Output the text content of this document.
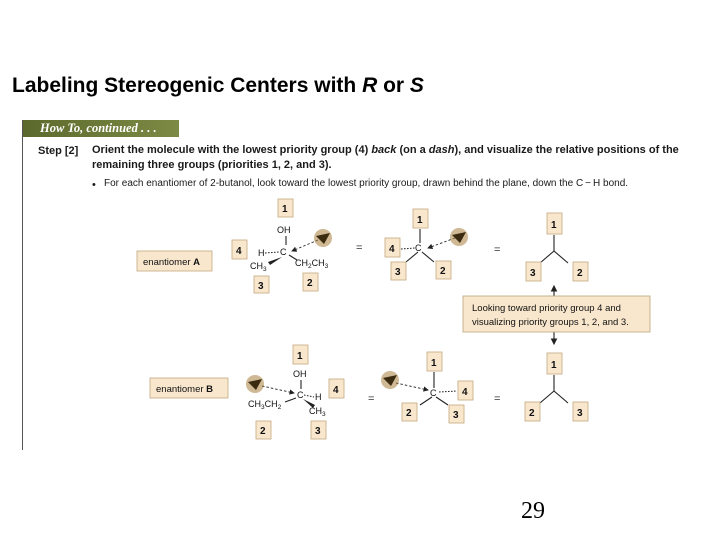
Labeling Stereogenic Centers with R or S
How To, continued . . .
Step [2] Orient the molecule with the lowest priority group (4) back (on a dash), and visualize the relative positions of the remaining three groups (priorities 1, 2, and 3).
• For each enantiomer of 2-butanol, look toward the lowest priority group, drawn behind the plane, down the C − H bond.
enantiomer A
1
OH
4 H C
$CH_3$
$CH_2CH_3$
3	2
=
1
4 C
3	2
=
1
3	2
Looking toward priority group 4 and
visualizing priority groups 1, 2, and 3.
enantiomer B
1
OH
C H
$CH_3CH_2$	$CH_3$
4
2	3
=
1
C	4
2	3
=
1
2	3
29
